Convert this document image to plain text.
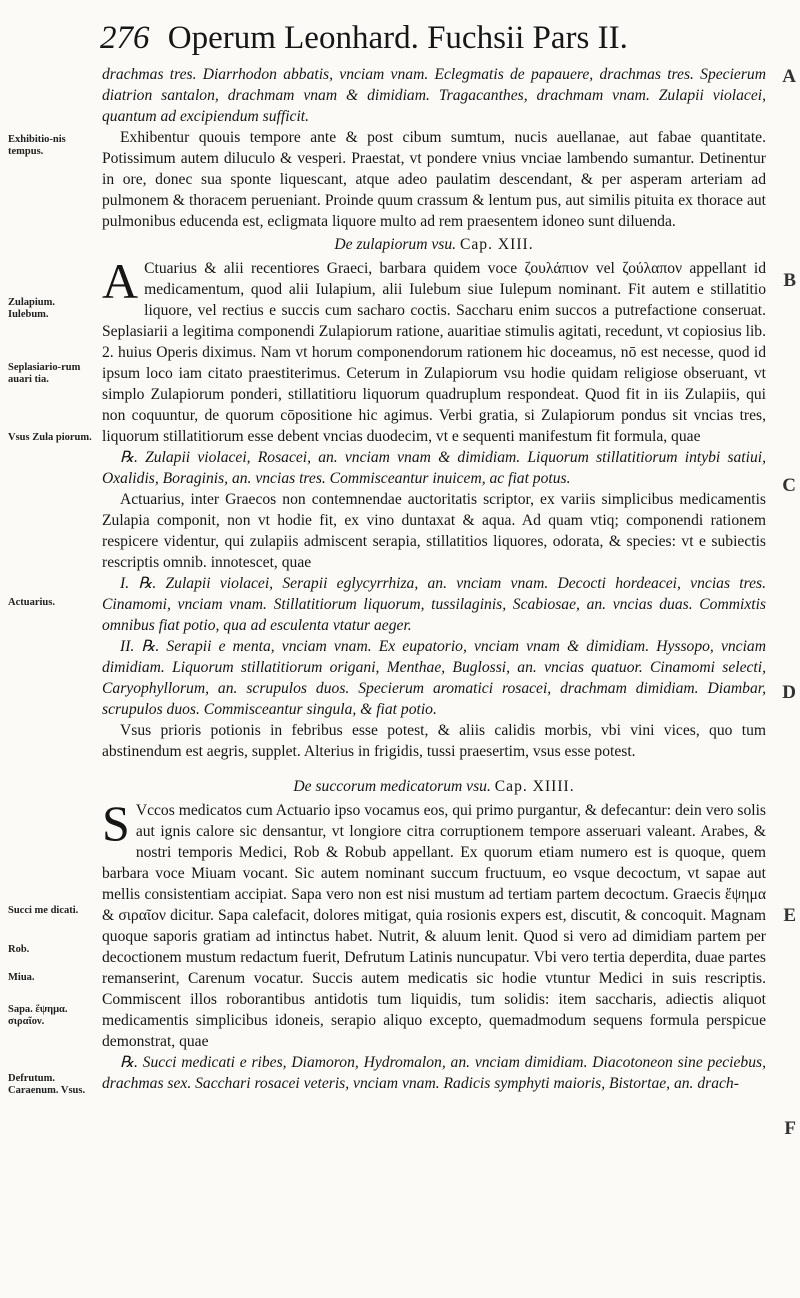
276 Operum Leonhard. Fuchsii Pars II.
A
B
C
D
E
F
Exhibitio-nis tempus.
Zulapium. Iulebum.
Seplasiario-rum auari tia.
Vsus Zula piorum.
Actuarius.
Succi me dicati.
Rob.
Miua.
Sapa. ἕψημα. σιραῖον.
Defrutum. Caraenum. Vsus.

drachmas tres. Diarrhodon abbatis, vnciam vnam. Eclegmatis de papauere, drachmas tres. Specierum diatrion santalon, drachmam vnam & dimidiam. Tragacanthes, drachmam vnam. Zulapii violacei, quantum ad excipiendum sufficit.

Exhibentur quouis tempore ante & post cibum sumtum, nucis auellanae, aut fabae quantitate. Potissimum autem diluculo & vesperi. Praestat, vt pondere vnius vnciae lambendo sumantur. Detinentur in ore, donec sua sponte liquescant, atque adeo paulatim descendant, & per asperam arteriam ad pulmonem & thoracem perueniant. Proinde quum crassum & lentum pus, aut similis pituita ex thorace aut pulmonibus educenda est, ecligmata liquore multo ad rem praesentem idoneo sunt diluenda.

De zulapiorum vsu. Cap. XIII.

A Ctuarius & alii recentiores Graeci, barbara quidem voce ζουλάπιον vel ζούλαπον appellant id medicamentum, quod alii Iulapium, alii Iulebum siue Iulepum nominant. Fit autem e stillatitio liquore, vel rectius e succis cum sacharo coctis. Saccharu enim succos a putrefactione conseruat. Seplasiarii a legitima componendi Zulapiorum ratione, auaritiae stimulis agitati, recedunt, vt copiosius lib. 2. huius Operis diximus. Nam vt horum componendorum rationem hic doceamus, nō est necesse, quod id ipsum loco iam citato praestiterimus. Ceterum in Zulapiorum vsu hodie quidam religiose obseruant, vt simplo Zulapiorum ponderi, stillatitioru liquorum quadruplum respondeat. Quod fit in iis Zulapiis, qui non coquuntur, de quorum cōpositione hic agimus. Verbi gratia, si Zulapiorum pondus sit vncias tres, liquorum stillatitiorum esse debent vncias duodecim, vt e sequenti manifestum fit formula, quae

℞. Zulapii violacei, Rosacei, an. vnciam vnam & dimidiam. Liquorum stillatitiorum intybi satiui, Oxalidis, Boraginis, an. vncias tres. Commisceantur inuicem, ac fiat potus.

Actuarius, inter Graecos non contemnendae auctoritatis scriptor, ex variis simplicibus medicamentis Zulapia componit, non vt hodie fit, ex vino duntaxat & aqua. Ad quam vtiq; componendi rationem respicere videntur, qui zulapiis admiscent serapia, stillatitios liquores, odorata, & species: vt e subiectis rescriptis omnib. innotescet, quae

I. ℞. Zulapii violacei, Serapii eglycyrrhiza, an. vnciam vnam. Decocti hordeacei, vncias tres. Cinamomi, vnciam vnam. Stillatitiorum liquorum, tussilaginis, Scabiosae, an. vncias duas. Commixtis omnibus fiat potio, qua ad esculenta vtatur aeger.

II. ℞. Serapii e menta, vnciam vnam. Ex eupatorio, vnciam vnam & dimidiam. Hyssopo, vnciam dimidiam. Liquorum stillatitiorum origani, Menthae, Buglossi, an. vncias quatuor. Cinamomi selecti, Caryophyllorum, an. scrupulos duos. Specierum aromatici rosacei, drachmam dimidiam. Diambar, scrupulos duos. Commisceantur singula, & fiat potio.

Vsus prioris potionis in febribus esse potest, & aliis calidis morbis, vbi vini vices, quo tum abstinendum est aegris, supplet. Alterius in frigidis, tussi praesertim, vsus esse potest.

De succorum medicatorum vsu. Cap. XIIII.

S Vccos medicatos cum Actuario ipso vocamus eos, qui primo purgantur, & defecantur: dein vero solis aut ignis calore sic densantur, vt longiore citra corruptionem tempore asseruari valeant. Arabes, & nostri temporis Medici, Rob & Robub appellant. Ex quorum etiam numero est is quoque, quem barbara voce Miuam vocant. Sic autem nominant succum fructuum, eo vsque decoctum, vt sapae aut mellis consistentiam accipiat. Sapa vero non est nisi mustum ad tertiam partem decoctum. Graecis ἕψημα & σιραῖον dicitur. Sapa calefacit, dolores mitigat, quia rosionis expers est, discutit, & concoquit. Magnam quoque saporis gratiam ad intinctus habet. Nutrit, & aluum lenit. Quod si vero ad dimidiam partem per decoctionem mustum redactum fuerit, Defrutum Latinis nuncupatur. Vbi vero tertia deperdita, duae partes remanserint, Carenum vocatur. Succis autem medicatis sic hodie vtuntur Medici in suis rescriptis. Commiscent illos roborantibus antidotis tum liquidis, tum solidis: item saccharis, adiectis aliquot medicamentis simplicibus idoneis, serapio aliquo excepto, quemadmodum sequens formula perspicue demonstrat, quae

℞. Succi medicati e ribes, Diamoron, Hydromalon, an. vnciam dimidiam. Diacotoneon sine peciebus, drachmas sex. Sacchari rosacei veteris, vnciam vnam. Radicis symphyti maioris, Bistortae, an. drach-
